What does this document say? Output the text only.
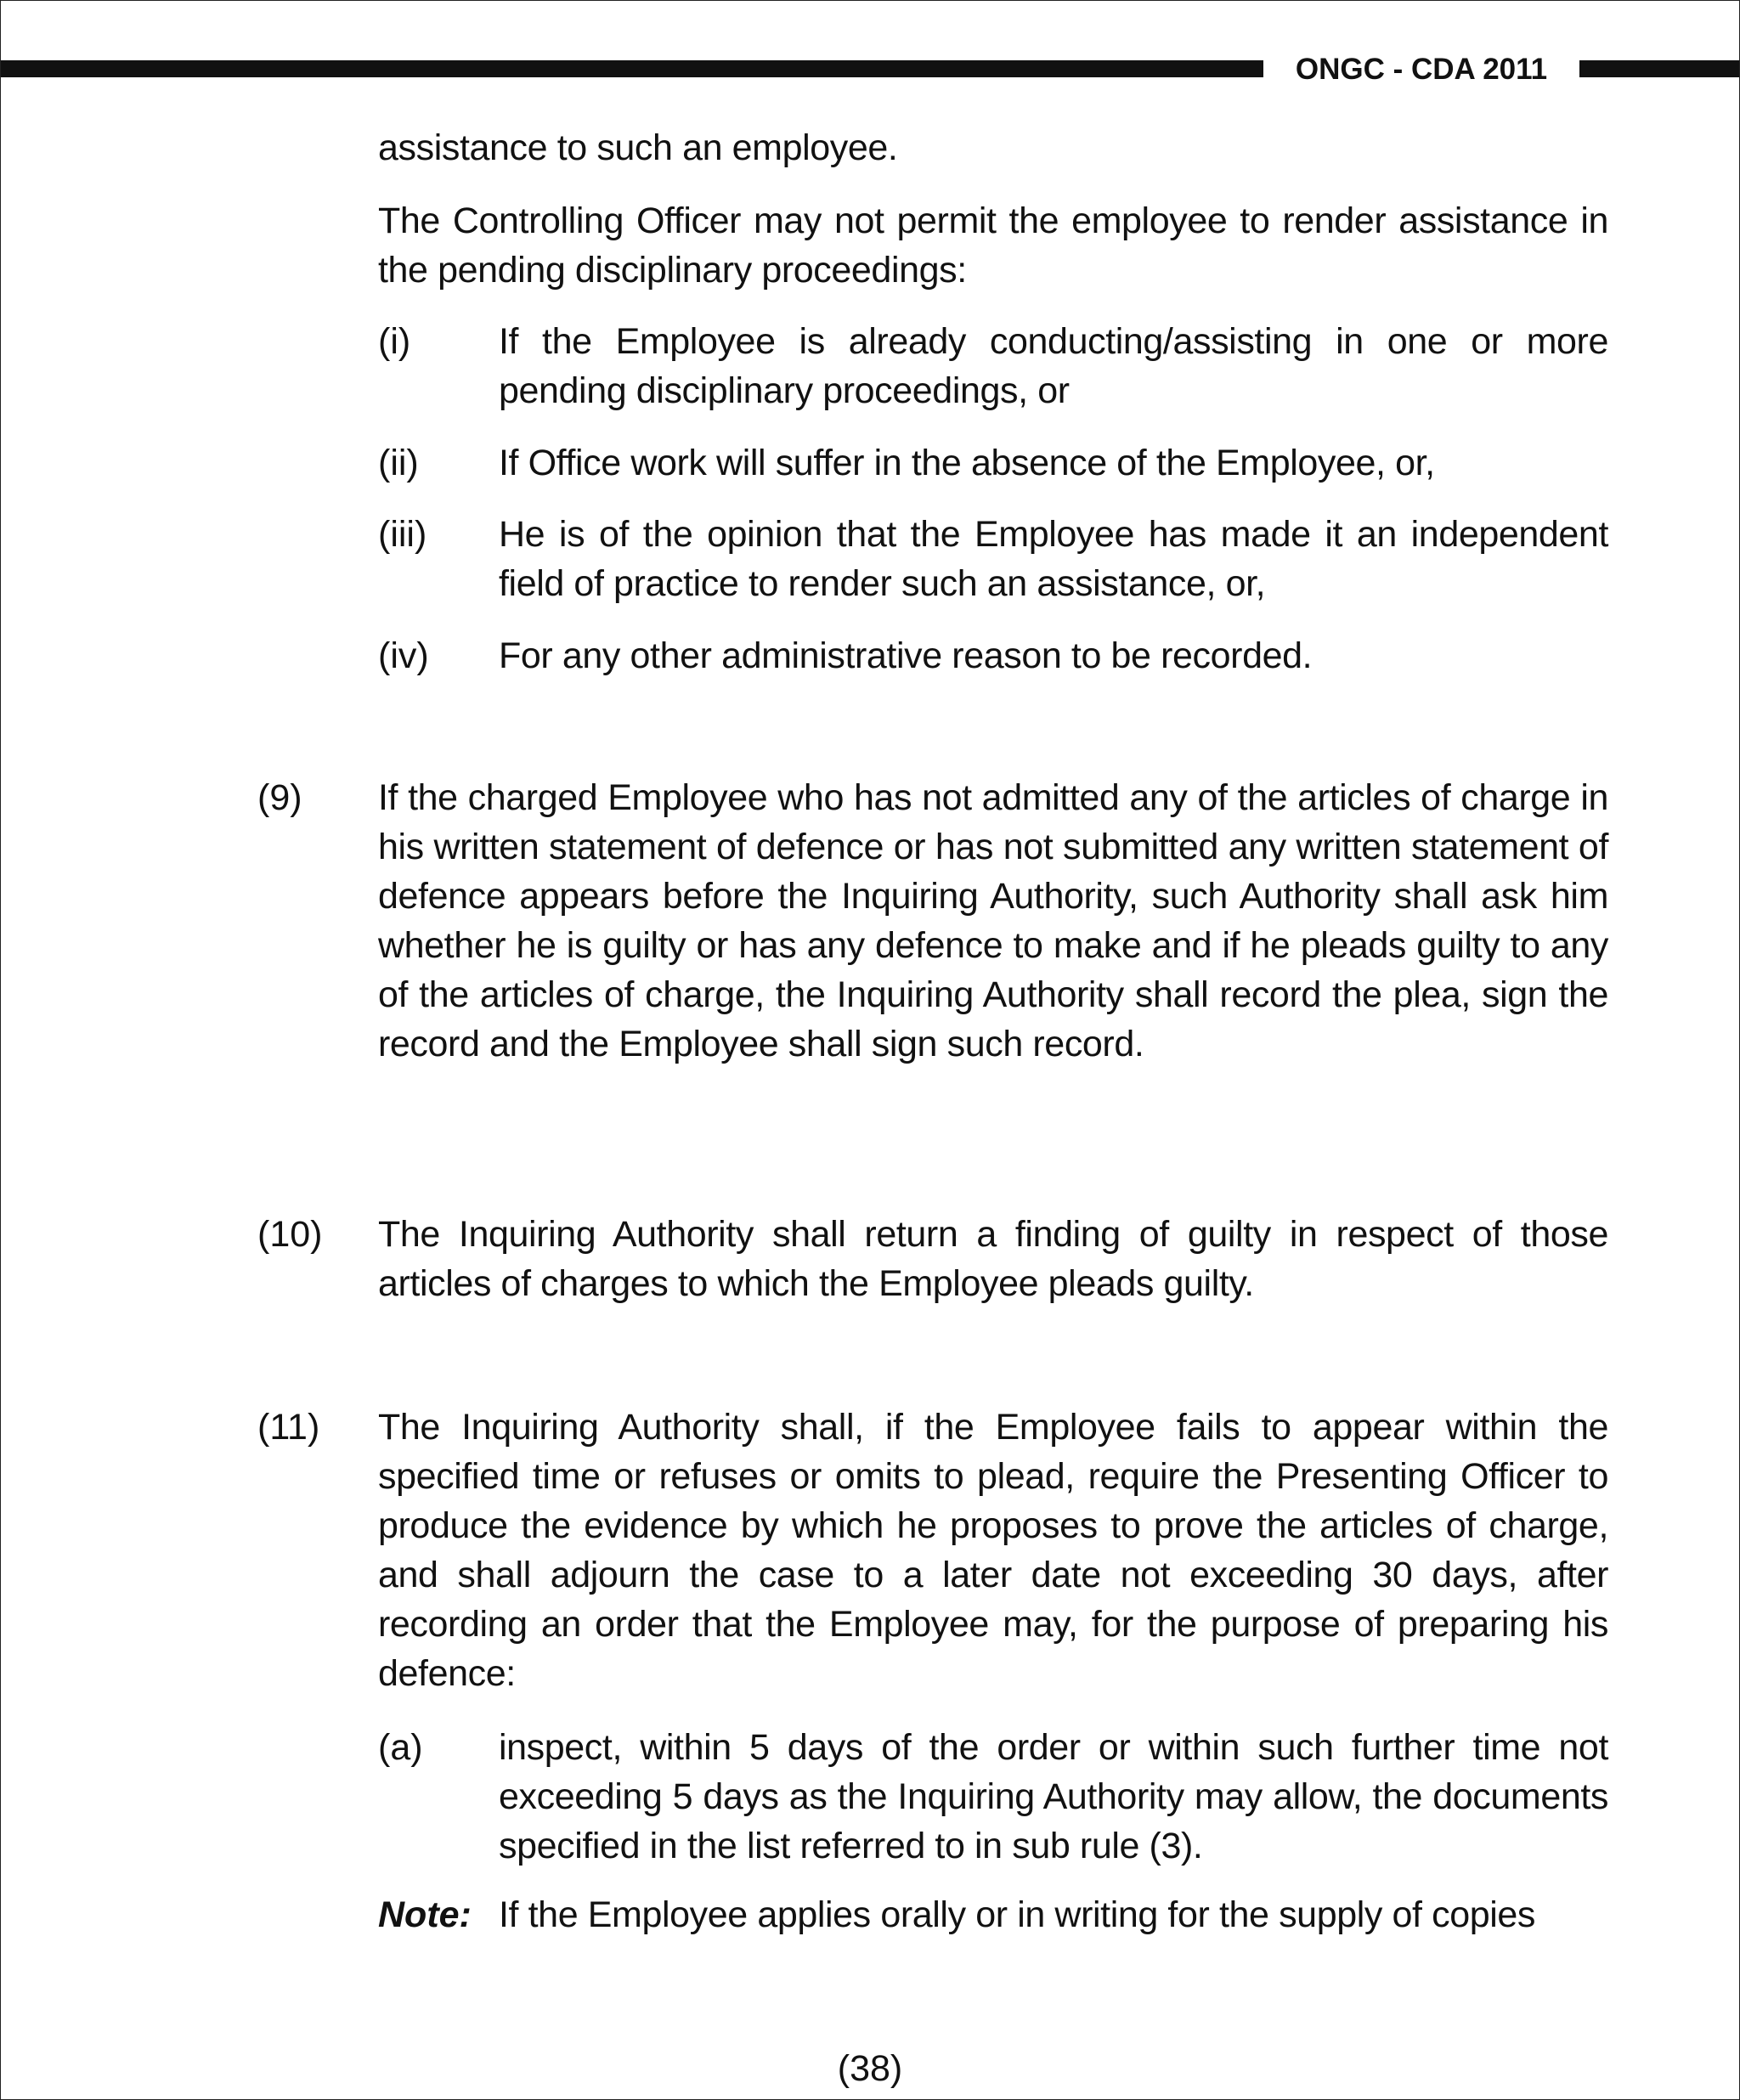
ONGC - CDA 2011
assistance to such an employee.
The Controlling Officer may not permit the employee to render assistance in the pending disciplinary proceedings:
(i) If the Employee is already conducting/assisting in one or more pending disciplinary proceedings, or
(ii) If Office work will suffer in the absence of the Employee, or,
(iii) He is of the opinion that the Employee has made it an independent field of practice to render such an assistance, or,
(iv) For any other administrative reason to be recorded.
(9) If the charged Employee who has not admitted any of the articles of charge in his written statement of defence or has not submitted any written statement of defence appears before the Inquiring Authority, such Authority shall ask him whether he is guilty or has any defence to make and if he pleads guilty to any of the articles of charge, the Inquiring Authority shall record the plea, sign the record and the Employee shall sign such record.
(10) The Inquiring Authority shall return a finding of guilty in respect of those articles of charges to which the Employee pleads guilty.
(11) The Inquiring Authority shall, if the Employee fails to appear within the specified time or refuses or omits to plead, require the Presenting Officer to produce the evidence by which he proposes to prove the articles of charge, and shall adjourn the case to a later date not exceeding 30 days, after recording an order that the Employee may, for the purpose of preparing his defence:
(a) inspect, within 5 days of the order or within such further time not exceeding 5 days as the Inquiring Authority may allow, the documents specified in the list referred to in sub rule (3).
Note: If the Employee applies orally or in writing for the supply of copies
(38)
